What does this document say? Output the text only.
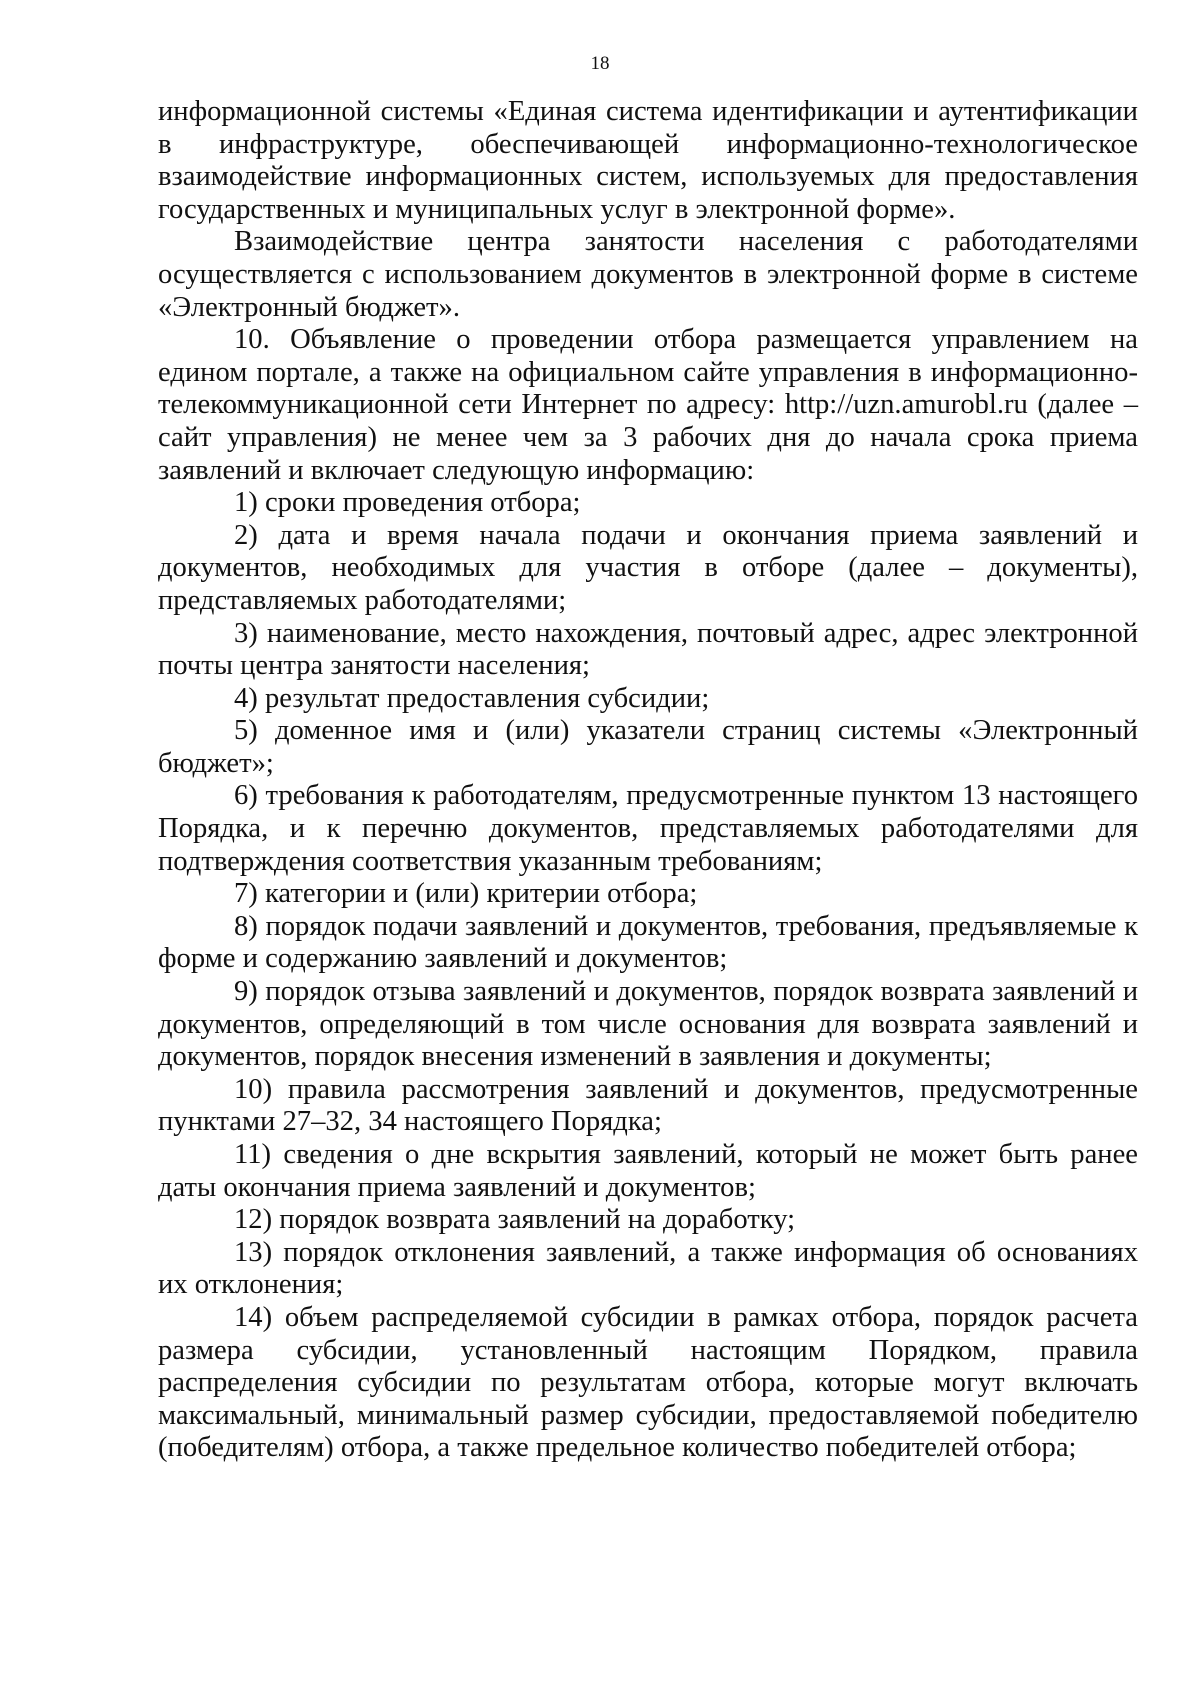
18

информационной системы «Единая система идентификации и аутентификации в инфраструктуре, обеспечивающей информационно-технологическое взаимодействие информационных систем, используемых для предоставления государственных и муниципальных услуг в электронной форме».

Взаимодействие центра занятости населения с работодателями осуществляется с использованием документов в электронной форме в системе «Электронный бюджет».

10. Объявление о проведении отбора размещается управлением на едином портале, а также на официальном сайте управления в информационно-телекоммуникационной сети Интернет по адресу: http://uzn.amurobl.ru (далее – сайт управления) не менее чем за 3 рабочих дня до начала срока приема заявлений и включает следующую информацию:

1) сроки проведения отбора;

2) дата и время начала подачи и окончания приема заявлений и документов, необходимых для участия в отборе (далее – документы), представляемых работодателями;

3) наименование, место нахождения, почтовый адрес, адрес электронной почты центра занятости населения;

4) результат предоставления субсидии;

5) доменное имя и (или) указатели страниц системы «Электронный бюджет»;

6) требования к работодателям, предусмотренные пунктом 13 настоящего Порядка, и к перечню документов, представляемых работодателями для подтверждения соответствия указанным требованиям;

7) категории и (или) критерии отбора;

8) порядок подачи заявлений и документов, требования, предъявляемые к форме и содержанию заявлений и документов;

9) порядок отзыва заявлений и документов, порядок возврата заявлений и документов, определяющий в том числе основания для возврата заявлений и документов, порядок внесения изменений в заявления и документы;

10) правила рассмотрения заявлений и документов, предусмотренные пунктами 27–32, 34 настоящего Порядка;

11) сведения о дне вскрытия заявлений, который не может быть ранее даты окончания приема заявлений и документов;

12) порядок возврата заявлений на доработку;

13) порядок отклонения заявлений, а также информация об основаниях их отклонения;

14) объем распределяемой субсидии в рамках отбора, порядок расчета размера субсидии, установленный настоящим Порядком, правила распределения субсидии по результатам отбора, которые могут включать максимальный, минимальный размер субсидии, предоставляемой победителю (победителям) отбора, а также предельное количество победителей отбора;
